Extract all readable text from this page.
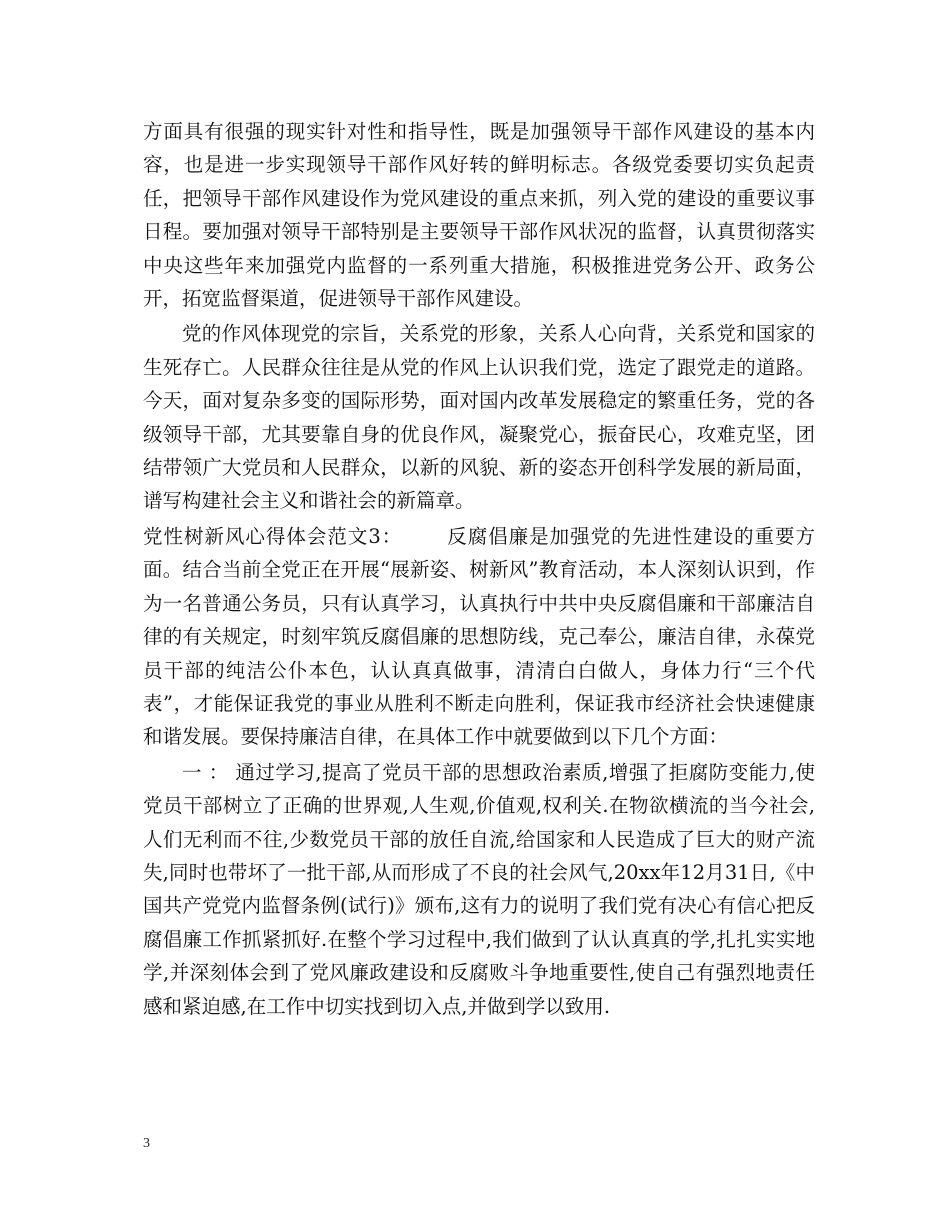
方面具有很强的现实针对性和指导性，既是加强领导干部作风建设的基本内容，也是进一步实现领导干部作风好转的鲜明标志。各级党委要切实负起责任，把领导干部作风建设作为党风建设的重点来抓，列入党的建设的重要议事日程。要加强对领导干部特别是主要领导干部作风状况的监督，认真贯彻落实中央这些年来加强党内监督的一系列重大措施，积极推进党务公开、政务公开，拓宽监督渠道，促进领导干部作风建设。

党的作风体现党的宗旨，关系党的形象，关系人心向背，关系党和国家的生死存亡。人民群众往往是从党的作风上认识我们党，选定了跟党走的道路。今天，面对复杂多变的国际形势，面对国内改革发展稳定的繁重任务，党的各级领导干部，尤其要靠自身的优良作风，凝聚党心，振奋民心，攻难克坚，团结带领广大党员和人民群众，以新的风貌、新的姿态开创科学发展的新局面，谱写构建社会主义和谐社会的新篇章。

党性树新风心得体会范文3： 反腐倡廉是加强党的先进性建设的重要方面。结合当前全党正在开展“展新姿、树新风”教育活动，本人深刻认识到，作为一名普通公务员，只有认真学习，认真执行中共中央反腐倡廉和干部廉洁自律的有关规定，时刻牢筑反腐倡廉的思想防线，克己奉公，廉洁自律，永葆党员干部的纯洁公仆本色，认认真真做事，清清白白做人，身体力行“三个代表”，才能保证我党的事业从胜利不断走向胜利，保证我市经济社会快速健康和谐发展。要保持廉洁自律，在具体工作中就要做到以下几个方面：

一 ： 通过学习,提高了党员干部的思想政治素质,增强了拒腐防变能力,使党员干部树立了正确的世界观,人生观,价值观,权利关.在物欲横流的当今社会,人们无利而不往,少数党员干部的放任自流,给国家和人民造成了巨大的财产流失,同时也带坏了一批干部,从而形成了不良的社会风气,20xx年12月31日,《中国共产党党内监督条例(试行)》颁布,这有力的说明了我们党有决心有信心把反腐倡廉工作抓紧抓好.在整个学习过程中,我们做到了认认真真的学,扎扎实实地学,并深刻体会到了党风廉政建设和反腐败斗争地重要性,使自己有强烈地责任感和紧迫感,在工作中切实找到切入点,并做到学以致用.

3
